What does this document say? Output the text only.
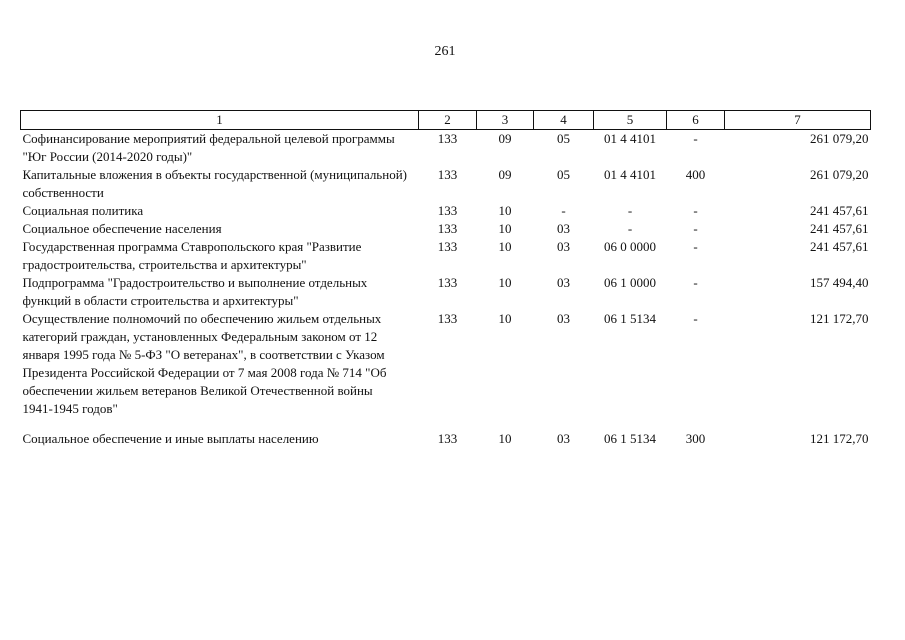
261
1	2	3	4	5	6	7
Софинансирование мероприятий федеральной целевой программы "Юг России (2014-2020 годы)"	133	09	05	01 4 4101	-	261 079,20
Капитальные вложения в объекты государственной (муниципальной) собственности	133	09	05	01 4 4101	400	261 079,20
Социальная политика	133	10	-	-	-	241 457,61
Социальное обеспечение населения	133	10	03	-	-	241 457,61
Государственная программа Ставропольского края "Развитие градостроительства, строительства и архитектуры"	133	10	03	06 0 0000	-	241 457,61
Подпрограмма "Градостроительство и выполнение отдельных функций в области строительства и архитектуры"	133	10	03	06 1 0000	-	157 494,40
Осуществление полномочий по обеспечению жильем отдельных категорий граждан, установленных Федеральным законом от 12 января 1995 года № 5-ФЗ "О ветеранах", в соответствии с Указом Президента Российской Федерации от 7 мая 2008 года № 714 "Об обеспечении жильем ветеранов Великой Отечественной войны 1941-1945 годов"	133	10	03	06 1 5134	-	121 172,70
Социальное обеспечение и иные выплаты населению	133	10	03	06 1 5134	300	121 172,70
